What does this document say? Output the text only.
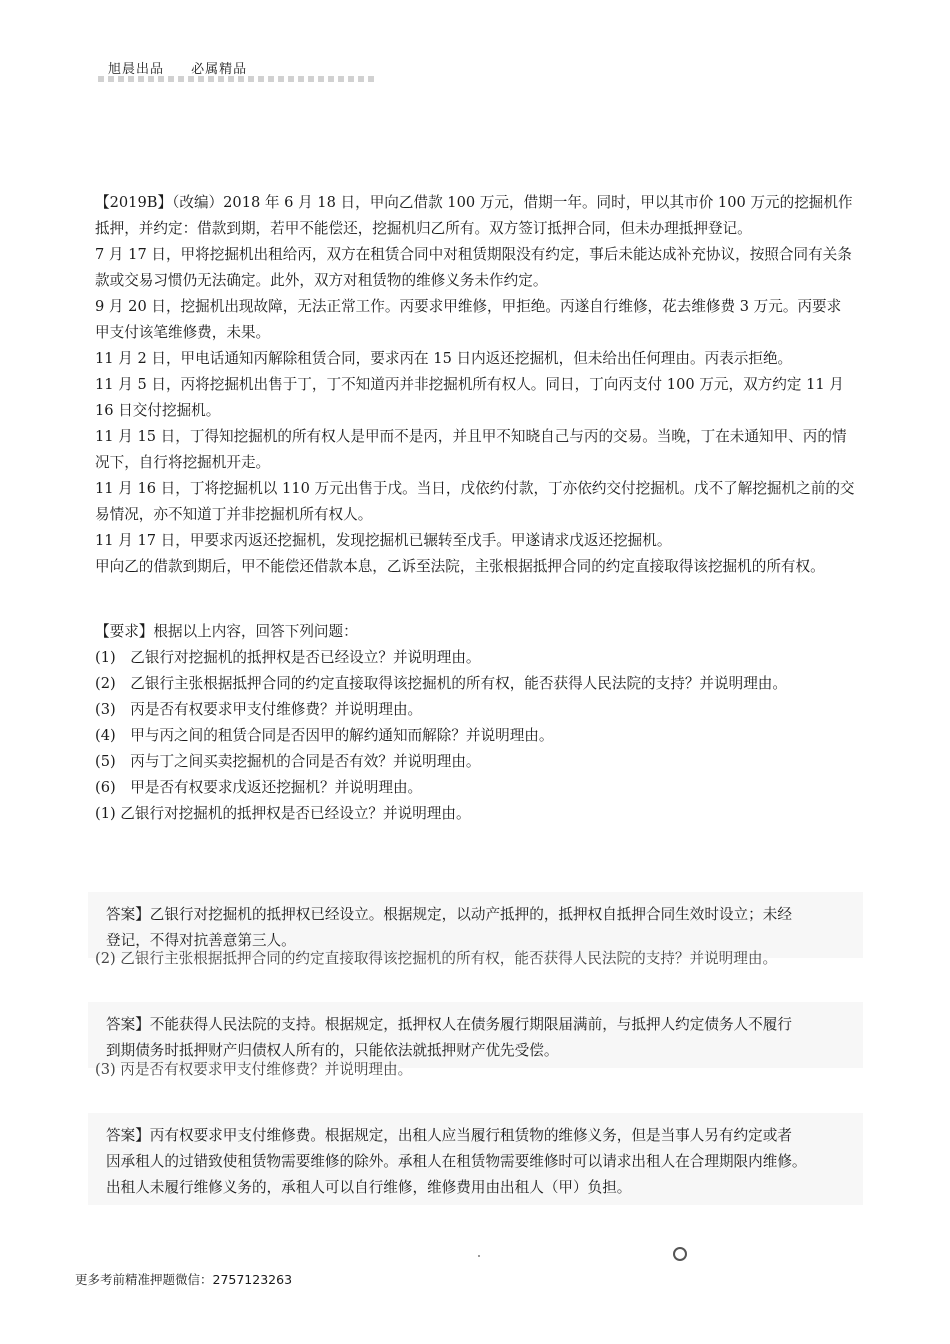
旭晨出品 必属精品

【2019B】（改编）2018 年 6 月 18 日，甲向乙借款 100 万元，借期一年。同时，甲以其市价 100 万元的挖掘机作抵押，并约定：借款到期，若甲不能偿还，挖掘机归乙所有。双方签订抵押合同，但未办理抵押登记。

7 月 17 日，甲将挖掘机出租给丙，双方在租赁合同中对租赁期限没有约定，事后未能达成补充协议，按照合同有关条款或交易习惯仍无法确定。此外，双方对租赁物的维修义务未作约定。

9 月 20 日，挖掘机出现故障，无法正常工作。丙要求甲维修，甲拒绝。丙遂自行维修，花去维修费 3 万元。丙要求甲支付该笔维修费，未果。

11 月 2 日，甲电话通知丙解除租赁合同，要求丙在 15 日内返还挖掘机，但未给出任何理由。丙表示拒绝。

11 月 5 日，丙将挖掘机出售于丁，丁不知道丙并非挖掘机所有权人。同日，丁向丙支付 100 万元，双方约定 11 月

16 日交付挖掘机。

11 月 15 日，丁得知挖掘机的所有权人是甲而不是丙，并且甲不知晓自己与丙的交易。当晚，丁在未通知甲、丙的情况下，自行将挖掘机开走。

11 月 16 日，丁将挖掘机以 110 万元出售于戊。当日，戊依约付款，丁亦依约交付挖掘机。戊不了解挖掘机之前的交易情况，亦不知道丁并非挖掘机所有权人。

11 月 17 日，甲要求丙返还挖掘机，发现挖掘机已辗转至戊手。甲遂请求戊返还挖掘机。

甲向乙的借款到期后，甲不能偿还借款本息，乙诉至法院，主张根据抵押合同的约定直接取得该挖掘机的所有权。

【要求】根据以上内容，回答下列问题：

(1)　乙银行对挖掘机的抵押权是否已经设立？并说明理由。

(2)　乙银行主张根据抵押合同的约定直接取得该挖掘机的所有权，能否获得人民法院的支持？并说明理由。

(3)　丙是否有权要求甲支付维修费？并说明理由。

(4)　甲与丙之间的租赁合同是否因甲的解约通知而解除？并说明理由。

(5)　丙与丁之间买卖挖掘机的合同是否有效？并说明理由。

(6)　甲是否有权要求戊返还挖掘机？并说明理由。

(1) 乙银行对挖掘机的抵押权是否已经设立？并说明理由。

答案】乙银行对挖掘机的抵押权已经设立。根据规定，以动产抵押的，抵押权自抵押合同生效时设立；未经

登记，不得对抗善意第三人。

(2) 乙银行主张根据抵押合同的约定直接取得该挖掘机的所有权，能否获得人民法院的支持？并说明理由。

答案】不能获得人民法院的支持。根据规定，抵押权人在债务履行期限届满前，与抵押人约定债务人不履行

到期债务时抵押财产归债权人所有的，只能依法就抵押财产优先受偿。

(3) 丙是否有权要求甲支付维修费？并说明理由。

答案】丙有权要求甲支付维修费。根据规定，出租人应当履行租赁物的维修义务，但是当事人另有约定或者

因承租人的过错致使租赁物需要维修的除外。承租人在租赁物需要维修时可以请求出租人在合理期限内维修。

出租人未履行维修义务的，承租人可以自行维修，维修费用由出租人（甲）负担。

更多考前精准押题微信：2757123263
